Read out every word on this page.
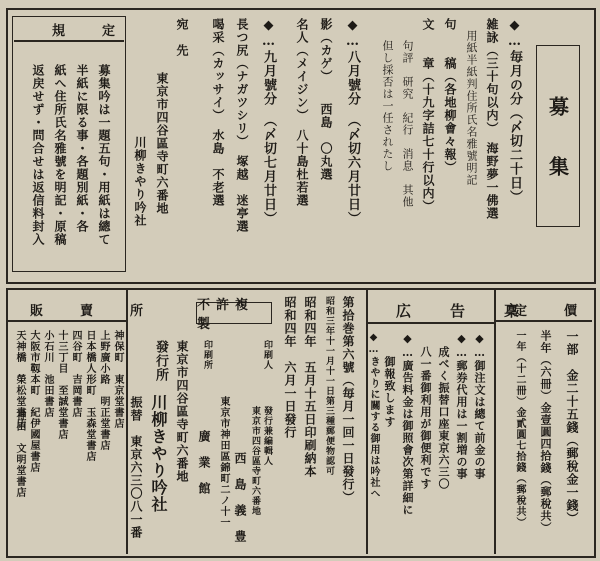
募
集
◆…毎月の分（〆切二十日）
雑詠（三十句以内）　海野夢一佛選
用紙半紙判住所氏名雅號明記
句　　稿（各地柳會々報）
文　　章（十九字詰七十行以内）
句評　研究　紀行　消息　其他
但し採否は一任されたし
◆…八月號分　（〆切六月廿日）
影（カゲ）　　西島　〇丸選
名人（メイジン）　八十島杜若選
◆…九月號分　（〆切七月廿日）
長つ尻（ナガツシリ）　塚越　迷亭選
喝采（カッサイ）　水島　不老選
宛　先
東京市四谷區寺町六番地
川柳きやり吟社
規　定
募集吟は一題五句・用紙は總て
半紙に限る事・各題別紙・各
紙へ住所氏名雅號を明記・原稿
返戻せず・問合せは返信料封入
定　價
一部　金二十五錢（郵稅金一錢）
半年（六冊）金壹圓四拾錢（郵稅共）
一年（十二冊）金貳圓七拾錢（郵稅共）
広　告　稟
◆…御注文は總て前金の事
◆…郵券代用は一割増の事
成べく振替口座東京六三〇
八一番御利用が御便利です
◆…廣告料金は御照會次第詳細に
　　御報致します
◆…きやりに關する御用は吟社へ
第拾巻第六號（毎月一回一日發行）
昭和三年十一月十一日第三種郵便物認可
昭和四年　五月十五日印刷納本
昭和四年　六月一日發行
不許複製
發行兼編輯人
東京市四谷區寺町六番地
西　島　義　豊
印刷人
東京市神田區錦町二ノ十一
印刷所
廣　業　館
東京市四谷區寺町六番地
發行所
川柳きやり吟社
振替　東京六三〇八一番
販　賣　所
神保町　東京堂書店
上野廣小路　明正堂書店
日本橋人形町　玉森堂書店
四谷町　吉岡書店
十三丁目　至誠堂書店
小石川　池田書店
大阪市靱本町　紀伊國屋書店
神田　文明堂書店
天神橋　榮松堂書店
